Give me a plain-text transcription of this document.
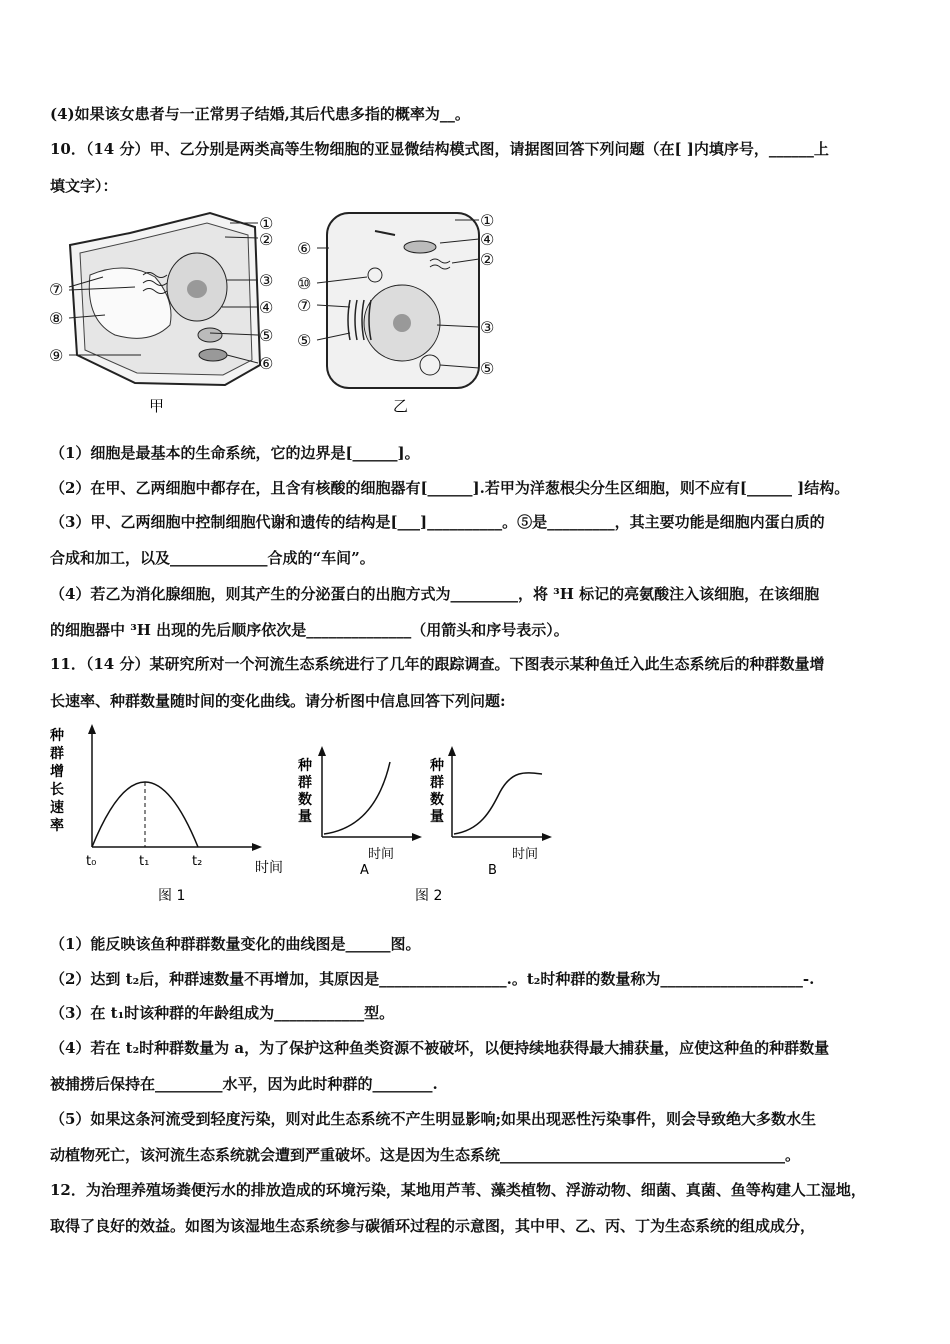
(4)如果该女患者与一正常男子结婚,其后代患多指的概率为__。
10．（14 分）甲、乙分别是两类高等生物细胞的亚显微结构模式图，请据图回答下列问题（在[ ]内填序号，______上
填文字）：
①
②
③
④
⑤
⑥
⑦
⑧
⑨
甲
①
④
②
③
⑤
⑥
⑩
⑦
⑤
乙
（1）细胞是最基本的生命系统，它的边界是[______]。
（2）在甲、乙两细胞中都存在，且含有核酸的细胞器有[______].若甲为洋葱根尖分生区细胞，则不应有[______ ]结构。
（3）甲、乙两细胞中控制细胞代谢和遗传的结构是[___]__________。⑤是_________，其主要功能是细胞内蛋白质的
合成和加工，以及_____________合成的“车间”。
（4）若乙为消化腺细胞，则其产生的分泌蛋白的出胞方式为_________，将 ³H 标记的亮氨酸注入该细胞，在该细胞
的细胞器中 ³H 出现的先后顺序依次是______________（用箭头和序号表示）。
11．（14 分）某研究所对一个河流生态系统进行了几年的跟踪调查。下图表示某种鱼迁入此生态系统后的种群数量增
长速率、种群数量随时间的变化曲线。请分析图中信息回答下列问题:
种
群
增
长
速
率
t₀	t₁	t₂	时间
图 1
种
群
数
量
时间
A
种
群
数
量
时间
B
图 2
（1）能反映该鱼种群群数量变化的曲线图是______图。
（2）达到 t₂后，种群速数量不再增加，其原因是_________________.。t₂时种群的数量称为___________________-.
（3）在 t₁时该种群的年龄组成为____________型。
（4）若在 t₂时种群数量为 a，为了保护这种鱼类资源不被破坏，以便持续地获得最大捕获量，应使这种鱼的种群数量
被捕捞后保持在_________水平，因为此时种群的________.
（5）如果这条河流受到轻度污染，则对此生态系统不产生明显影响;如果出现恶性污染事件，则会导致绝大多数水生
动植物死亡，该河流生态系统就会遭到严重破坏。这是因为生态系统______________________________________。
12．为治理养殖场粪便污水的排放造成的环境污染，某地用芦苇、藻类植物、浮游动物、细菌、真菌、鱼等构建人工湿地，
取得了良好的效益。如图为该湿地生态系统参与碳循环过程的示意图，其中甲、乙、丙、丁为生态系统的组成成分，
